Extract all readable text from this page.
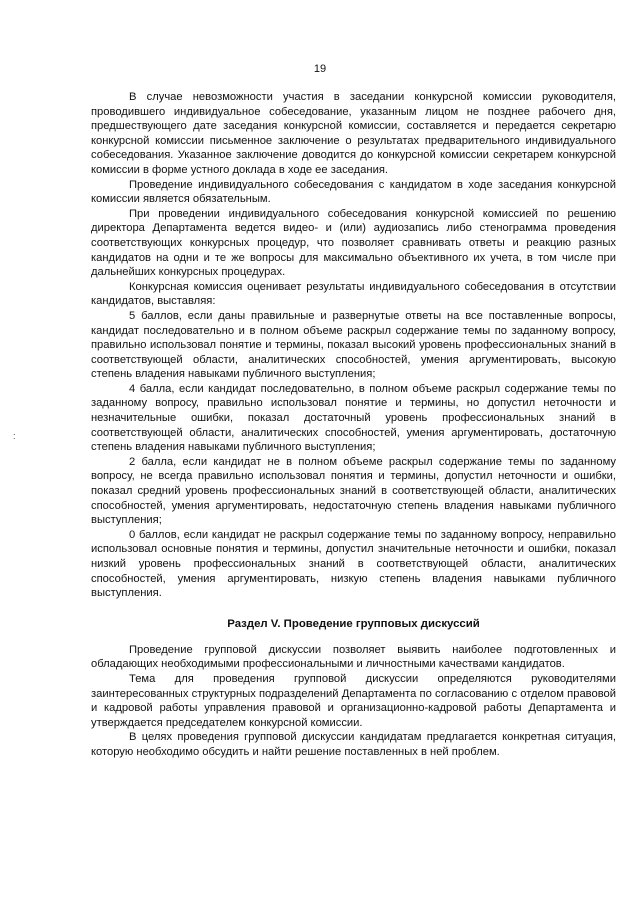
19
:

В случае невозможности участия в заседании конкурсной комиссии руководителя, проводившего индивидуальное собеседование, указанным лицом не позднее рабочего дня, предшествующего дате заседания конкурсной комиссии, составляется и передается секретарю конкурсной комиссии письменное заключение о результатах предварительного индивидуального собеседования. Указанное заключение доводится до конкурсной комиссии секретарем конкурсной комиссии в форме устного доклада в ходе ее заседания.

Проведение индивидуального собеседования с кандидатом в ходе заседания конкурсной комиссии является обязательным.

При проведении индивидуального собеседования конкурсной комиссией по решению директора Департамента ведется видео- и (или) аудиозапись либо стенограмма проведения соответствующих конкурсных процедур, что позволяет сравнивать ответы и реакцию разных кандидатов на одни и те же вопросы для максимально объективного их учета, в том числе при дальнейших конкурсных процедурах.

Конкурсная комиссия оценивает результаты индивидуального собеседования в отсутствии кандидатов, выставляя:

5 баллов, если даны правильные и развернутые ответы на все поставленные вопросы, кандидат последовательно и в полном объеме раскрыл содержание темы по заданному вопросу, правильно использовал понятие и термины, показал высокий уровень профессиональных знаний в соответствующей области, аналитических способностей, умения аргументировать, высокую степень владения навыками публичного выступления;

4 балла, если кандидат последовательно, в полном объеме раскрыл содержание темы по заданному вопросу, правильно использовал понятие и термины, но допустил неточности и незначительные ошибки, показал достаточный уровень профессиональных знаний в соответствующей области, аналитических способностей, умения аргументировать, достаточную степень владения навыками публичного выступления;

2 балла, если кандидат не в полном объеме раскрыл содержание темы по заданному вопросу, не всегда правильно использовал понятия и термины, допустил неточности и ошибки, показал средний уровень профессиональных знаний в соответствующей области, аналитических способностей, умения аргументировать, недостаточную степень владения навыками публичного выступления;

0 баллов, если кандидат не раскрыл содержание темы по заданному вопросу, неправильно использовал основные понятия и термины, допустил значительные неточности и ошибки, показал низкий уровень профессиональных знаний в соответствующей области, аналитических способностей, умения аргументировать, низкую степень владения навыками публичного выступления.

Раздел V. Проведение групповых дискуссий

Проведение групповой дискуссии позволяет выявить наиболее подготовленных и обладающих необходимыми профессиональными и личностными качествами кандидатов.

Тема для проведения групповой дискуссии определяются руководителями заинтересованных структурных подразделений Департамента по согласованию с отделом правовой и кадровой работы управления правовой и организационно-кадровой работы Департамента и утверждается председателем конкурсной комиссии.

В целях проведения групповой дискуссии кандидатам предлагается конкретная ситуация, которую необходимо обсудить и найти решение поставленных в ней проблем.
